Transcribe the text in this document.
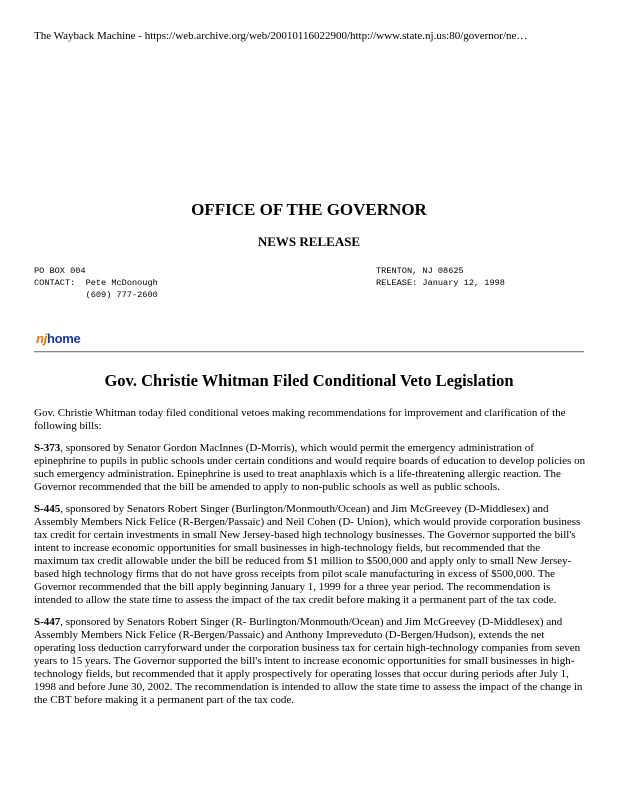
The Wayback Machine - https://web.archive.org/web/20010116022900/http://www.state.nj.us:80/governor/ne…
OFFICE OF THE GOVERNOR
NEWS RELEASE
PO BOX 004
CONTACT:  Pete McDonough
(609) 777-2600
TRENTON, NJ 08625
RELEASE: January 12, 1998
njhome
Gov. Christie Whitman Filed Conditional Veto Legislation

Gov. Christie Whitman today filed conditional vetoes making recommendations for improvement and clarification of the following bills:

S-373, sponsored by Senator Gordon MacInnes (D-Morris), which would permit the emergency administration of epinephrine to pupils in public schools under certain conditions and would require boards of education to develop policies on such emergency administration. Epinephrine is used to treat anaphlaxis which is a life-threatening allergic reaction. The Governor recommended that the bill be amended to apply to non-public schools as well as public schools.

S-445, sponsored by Senators Robert Singer (Burlington/Monmouth/Ocean) and Jim McGreevey (D-Middlesex) and Assembly Members Nick Felice (R-Bergen/Passaic) and Neil Cohen (D- Union), which would provide corporation business tax credit for certain investments in small New Jersey-based high technology businesses. The Governor supported the bill's intent to increase economic opportunities for small businesses in high-technology fields, but recommended that the maximum tax credit allowable under the bill be reduced from $1 million to $500,000 and apply only to small New Jersey-based high technology firms that do not have gross receipts from pilot scale manufacturing in excess of $500,000. The Governor recommended that the bill apply beginning January 1, 1999 for a three year period. The recommendation is intended to allow the state time to assess the impact of the tax credit before making it a permanent part of the tax code.

S-447, sponsored by Senators Robert Singer (R- Burlington/Monmouth/Ocean) and Jim McGreevey (D-Middlesex) and Assembly Members Nick Felice (R-Bergen/Passaic) and Anthony Impreveduto (D-Bergen/Hudson), extends the net operating loss deduction carryforward under the corporation business tax for certain high-technology companies from seven years to 15 years. The Governor supported the bill's intent to increase economic opportunities for small businesses in high-technology fields, but recommended that it apply prospectively for operating losses that occur during periods after July 1, 1998 and before June 30, 2002. The recommendation is intended to allow the state time to assess the impact of the change in the CBT before making it a permanent part of the tax code.
